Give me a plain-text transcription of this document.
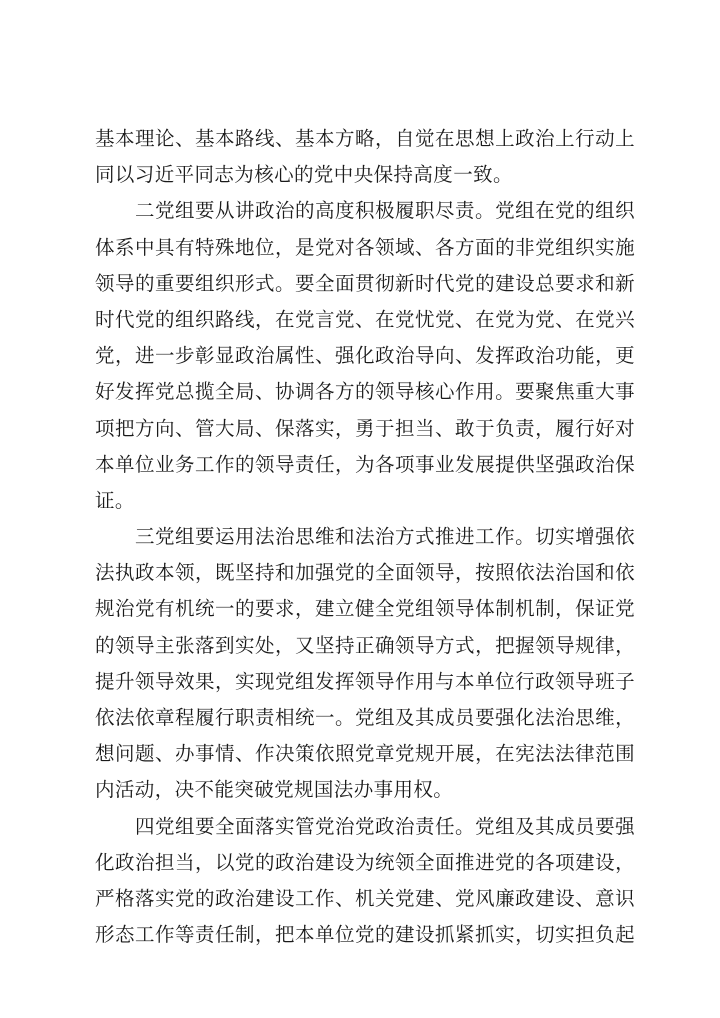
基本理论、基本路线、基本方略，自觉在思想上政治上行动上
同以习近平同志为核心的党中央保持高度一致。
二党组要从讲政治的高度积极履职尽责。党组在党的组织
体系中具有特殊地位，是党对各领域、各方面的非党组织实施
领导的重要组织形式。要全面贯彻新时代党的建设总要求和新
时代党的组织路线，在党言党、在党忧党、在党为党、在党兴
党，进一步彰显政治属性、强化政治导向、发挥政治功能，更
好发挥党总揽全局、协调各方的领导核心作用。要聚焦重大事
项把方向、管大局、保落实，勇于担当、敢于负责，履行好对
本单位业务工作的领导责任，为各项事业发展提供坚强政治保
证。
三党组要运用法治思维和法治方式推进工作。切实增强依
法执政本领，既坚持和加强党的全面领导，按照依法治国和依
规治党有机统一的要求，建立健全党组领导体制机制，保证党
的领导主张落到实处，又坚持正确领导方式，把握领导规律，
提升领导效果，实现党组发挥领导作用与本单位行政领导班子
依法依章程履行职责相统一。党组及其成员要强化法治思维，
想问题、办事情、作决策依照党章党规开展，在宪法法律范围
内活动，决不能突破党规国法办事用权。
四党组要全面落实管党治党政治责任。党组及其成员要强
化政治担当，以党的政治建设为统领全面推进党的各项建设，
严格落实党的政治建设工作、机关党建、党风廉政建设、意识
形态工作等责任制，把本单位党的建设抓紧抓实，切实担负起
